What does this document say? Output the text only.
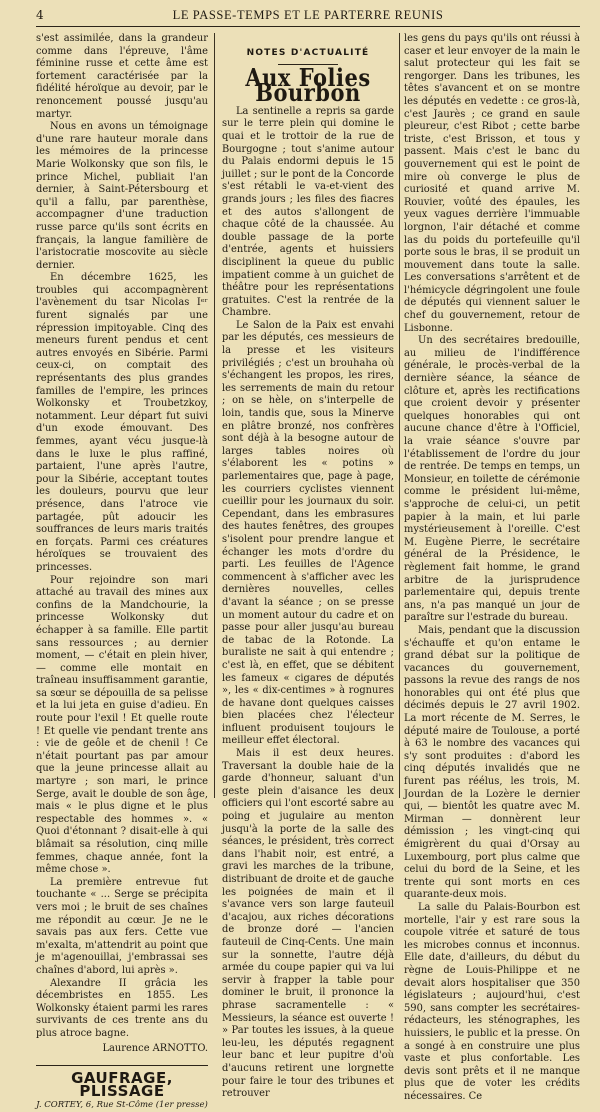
4	LE PASSE-TEMPS ET LE PARTERRE REUNIS

s'est assimilée, dans la grandeur comme dans l'épreuve, l'âme féminine russe et cette âme est fortement caractérisée par la fidélité héroïque au devoir, par le renoncement poussé jusqu'au martyr.

Nous en avons un témoignage d'une rare hauteur morale dans les mémoires de la princesse Marie Wolkonsky que son fils, le prince Michel, publiait l'an dernier, à Saint-Pétersbourg et qu'il a fallu, par parenthèse, accompagner d'une traduction russe parce qu'ils sont écrits en français, la langue familière de l'aristocratie moscovite au siècle dernier.

En décembre 1625, les troubles qui accompagnèrent l'avènement du tsar Nicolas Iᵉʳ furent signalés par une répression impitoyable. Cinq des meneurs furent pendus et cent autres envoyés en Sibérie. Parmi ceux-ci, on comptait des représentants des plus grandes familles de l'empire, les princes Wolkonsky et Troubetzkoy, notamment. Leur départ fut suivi d'un exode émouvant. Des femmes, ayant vécu jusque-là dans le luxe le plus raffiné, partaient, l'une après l'autre, pour la Sibérie, acceptant toutes les douleurs, pourvu que leur présence, dans l'atroce vie partagée, pût adoucir les souffrances de leurs maris traités en forçats. Parmi ces créatures héroïques se trouvaient des princesses.

Pour rejoindre son mari attaché au travail des mines aux confins de la Mandchourie, la princesse Wolkonsky dut échapper à sa famille. Elle partit sans ressources ; au dernier moment, — c'était en plein hiver, — comme elle montait en traîneau insuffisamment garantie, sa sœur se dépouilla de sa pelisse et la lui jeta en guise d'adieu. En route pour l'exil ! Et quelle route ! Et quelle vie pendant trente ans : vie de geôle et de chenil ! Ce n'était pourtant pas par amour que la jeune princesse allait au martyre ; son mari, le prince Serge, avait le double de son âge, mais « le plus digne et le plus respectable des hommes ». « Quoi d'étonnant ? disait-elle à qui blâmait sa résolution, cinq mille femmes, chaque année, font la même chose ».

La première entrevue fut touchante « ... Serge se précipita vers moi ; le bruit de ses chaînes me répondit au cœur. Je ne le savais pas aux fers. Cette vue m'exalta, m'attendrit au point que je m'agenouillai, j'embrassai ses chaînes d'abord, lui après ».

Alexandre II grâcia les décembristes en 1855. Les Wolkonsky étaient parmi les rares survivants de ces trente ans du plus atroce bagne.

Laurence ARNOTTO.

GAUFRAGE, PLISSAGE
J. CORTEY, 6, Rue St-Côme (1er presse)

NOTES D'ACTUALITÉ

Aux Folies Bourbon

La sentinelle a repris sa garde sur le terre plein qui domine le quai et le trottoir de la rue de Bourgogne ; tout s'anime autour du Palais endormi depuis le 15 juillet ; sur le pont de la Concorde s'est rétabli le va-et-vient des grands jours ; les files des fiacres et des autos s'allongent de chaque côté de la chaussée. Au double passage de la porte d'entrée, agents et huissiers disciplinent la queue du public impatient comme à un guichet de théâtre pour les représentations gratuites. C'est la rentrée de la Chambre.

Le Salon de la Paix est envahi par les députés, ces messieurs de la presse et les visiteurs privilégiés ; c'est un brouhaha où s'échangent les propos, les rires, les serrements de main du retour ; on se hèle, on s'interpelle de loin, tandis que, sous la Minerve en plâtre bronzé, nos confrères sont déjà à la besogne autour de larges tables noires où s'élaborent les « potins » parlementaires que, page à page, les courriers cyclistes viennent cueillir pour les journaux du soir. Cependant, dans les embrasures des hautes fenêtres, des groupes s'isolent pour prendre langue et échanger les mots d'ordre du parti. Les feuilles de l'Agence commencent à s'afficher avec les dernières nouvelles, celles d'avant la séance ; on se presse un moment autour du cadre et on passe pour aller jusqu'au bureau de tabac de la Rotonde. La buraliste ne sait à qui entendre ; c'est là, en effet, que se débitent les fameux « cigares de députés », les « dix-centimes » à rognures de havane dont quelques caisses bien placées chez l'électeur influent produisent toujours le meilleur effet électoral.

Mais il est deux heures. Traversant la double haie de la garde d'honneur, saluant d'un geste plein d'aisance les deux officiers qui l'ont escorté sabre au poing et jugulaire au menton jusqu'à la porte de la salle des séances, le président, très correct dans l'habit noir, est entré, a gravi les marches de la tribune, distribuant de droite et de gauche les poignées de main et il s'avance vers son large fauteuil d'acajou, aux riches décorations de bronze doré — l'ancien fauteuil de Cinq-Cents. Une main sur la sonnette, l'autre déjà armée du coupe papier qui va lui servir à frapper la table pour dominer le bruit, il prononce la phrase sacramentelle : « Messieurs, la séance est ouverte ! » Par toutes les issues, à la queue leu-leu, les députés regagnent leur banc et leur pupitre d'où d'aucuns retirent une lorgnette pour faire le tour des tribunes et retrouver

les gens du pays qu'ils ont réussi à caser et leur envoyer de la main le salut protecteur qui les fait se rengorger. Dans les tribunes, les têtes s'avancent et on se montre les députés en vedette : ce gros-là, c'est Jaurès ; ce grand en saule pleureur, c'est Ribot ; cette barbe triste, c'est Brisson, et tous y passent. Mais c'est le banc du gouvernement qui est le point de mire où converge le plus de curiosité et quand arrive M. Rouvier, voûté des épaules, les yeux vagues derrière l'immuable lorgnon, l'air détaché et comme las du poids du portefeuille qu'il porte sous le bras, il se produit un mouvement dans toute la salle. Les conversations s'arrêtent et de l'hémicycle dégringolent une foule de députés qui viennent saluer le chef du gouvernement, retour de Lisbonne.

Un des secrétaires bredouille, au milieu de l'indifférence générale, le procès-verbal de la dernière séance, la séance de clôture et, après les rectifications que croient devoir y présenter quelques honorables qui ont aucune chance d'être à l'Officiel, la vraie séance s'ouvre par l'établissement de l'ordre du jour de rentrée. De temps en temps, un Monsieur, en toilette de cérémonie comme le président lui-même, s'approche de celui-ci, un petit papier à la main, et lui parle mystérieusement à l'oreille. C'est M. Eugène Pierre, le secrétaire général de la Présidence, le règlement fait homme, le grand arbitre de la jurisprudence parlementaire qui, depuis trente ans, n'a pas manqué un jour de paraître sur l'estrade du bureau.

Mais, pendant que la discussion s'échauffe et qu'on entame le grand débat sur la politique de vacances du gouvernement, passons la revue des rangs de nos honorables qui ont été plus que décimés depuis le 27 avril 1902. La mort récente de M. Serres, le député maire de Toulouse, a porté à 63 le nombre des vacances qui s'y sont produites : d'abord les cinq députés invalidés que ne furent pas réélus, les trois, M. Jourdan de la Lozère le dernier qui, — bientôt les quatre avec M. Mirman — donnèrent leur démission ; les vingt-cinq qui émigrèrent du quai d'Orsay au Luxembourg, port plus calme que celui du bord de la Seine, et les trente qui sont morts en ces quarante-deux mois.

La salle du Palais-Bourbon est mortelle, l'air y est rare sous la coupole vitrée et saturé de tous les microbes connus et inconnus. Elle date, d'ailleurs, du début du règne de Louis-Philippe et ne devait alors hospitaliser que 350 législateurs ; aujourd'hui, c'est 590, sans compter les secrétaires-rédacteurs, les sténographes, les huissiers, le public et la presse. On a songé à en construire une plus vaste et plus confortable. Les devis sont prêts et il ne manque plus que de voter les crédits nécessaires. Ce
